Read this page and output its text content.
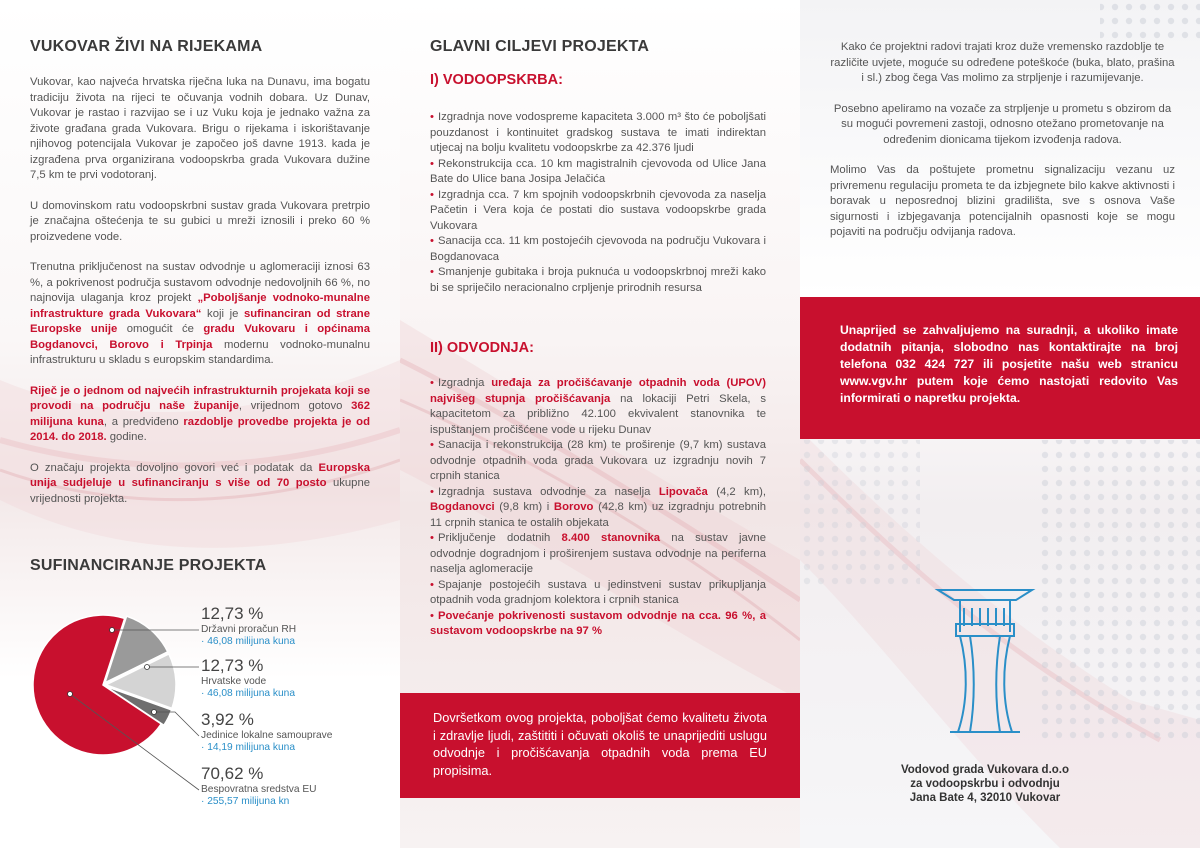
VUKOVAR ŽIVI NA RIJEKAMA

Vukovar, kao najveća hrvatska riječna luka na Dunavu, ima bogatu tradiciju života na rijeci te očuvanja vodnih dobara. Uz Dunav, Vukovar je rastao i razvijao se i uz Vuku koja je jednako važna za živote građana grada Vukovara. Brigu o rijekama i iskorištavanje njihovog potencijala Vukovar je započeo još davne 1913. kada je izgrađena prva organizirana vodoopskrba grada Vukovara dužine 7,5 km te prvi vodotoranj.

U domovinskom ratu vodoopskrbni sustav grada Vukovara pretrpio je značajna oštećenja te su gubici u mreži iznosili i preko 60 % proizvedene vode.

Trenutna priključenost na sustav odvodnje u aglomeraciji iznosi 63 %, a pokrivenost područja sustavom odvodnje nedovoljnih 66 %, no najnovija ulaganja kroz projekt „Poboljšanje vodnoko-munalne infrastrukture grada Vukovara“ koji je sufinanciran od strane Europske unije omogućit će gradu Vukovaru i općinama Bogdanovci, Borovo i Trpinja modernu vodnoko-munalnu infrastrukturu u skladu s europskim standardima.

Riječ je o jednom od najvećih infrastrukturnih projekata koji se provodi na području naše županije, vrijednom gotovo 362 milijuna kuna, a predviđeno razdoblje provedbe projekta je od 2014. do 2018. godine.

O značaju projekta dovoljno govori već i podatak da Europska unija sudjeluje u sufinanciranju s više od 70 posto ukupne vrijednosti projekta.

SUFINANCIRANJE PROJEKTA
12,73 %
Državni proračun RH
· 46,08 milijuna kuna
12,73 %
Hrvatske vode
· 46,08 milijuna kuna
3,92 %
Jedinice lokalne samouprave
· 14,19 milijuna kuna
70,62 %
Bespovratna sredstva EU
· 255,57 milijuna kn
GLAVNI CILJEVI PROJEKTA
I) VODOOPSKRBA:
• Izgradnja nove vodospreme kapaciteta 3.000 m³ što će poboljšati pouzdanost i kontinuitet gradskog sustava te imati indirektan utjecaj na bolju kvalitetu vodoopskrbe za 42.376 ljudi
• Rekonstrukcija cca. 10 km magistralnih cjevovoda od Ulice Jana Bate do Ulice bana Josipa Jelačića
• Izgradnja cca. 7 km spojnih vodoopskrbnih cjevovoda za naselja Pačetin i Vera koja će postati dio sustava vodoopskrbe grada Vukovara
• Sanacija cca. 11 km postojećih cjevovoda na području Vukovara i Bogdanovaca
• Smanjenje gubitaka i broja puknuća u vodoopskrbnoj mreži kako bi se spriječilo neracionalno crpljenje prirodnih resursa
II) ODVODNJA:
• Izgradnja uređaja za pročišćavanje otpadnih voda (UPOV) najvišeg stupnja pročišćavanja na lokaciji Petri Skela, s kapacitetom za približno 42.100 ekvivalent stanovnika te ispuštanjem pročišćene vode u rijeku Dunav
• Sanacija i rekonstrukcija (28 km) te proširenje (9,7 km) sustava odvodnje otpadnih voda grada Vukovara uz izgradnju novih 7 crpnih stanica
• Izgradnja sustava odvodnje za naselja Lipovača (4,2 km), Bogdanovci (9,8 km) i Borovo (42,8 km) uz izgradnju potrebnih 11 crpnih stanica te ostalih objekata
• Priključenje dodatnih 8.400 stanovnika na sustav javne odvodnje dogradnjom i proširenjem sustava odvodnje na periferna naselja aglomeracije
• Spajanje postojećih sustava u jedinstveni sustav prikupljanja otpadnih voda gradnjom kolektora i crpnih stanica
• Povećanje pokrivenosti sustavom odvodnje na cca. 96 %, a sustavom vodoopskrbe na 97 %
Dovršetkom ovog projekta, poboljšat ćemo kvalitetu života i zdravlje ljudi, zaštititi i očuvati okoliš te unaprijediti uslugu odvodnje i pročišćavanja otpadnih voda prema EU propisima.

Kako će projektni radovi trajati kroz duže vremensko razdoblje te različite uvjete, moguće su određene poteškoće (buka, blato, prašina i sl.) zbog čega Vas molimo za strpljenje i razumijevanje.

Posebno apeliramo na vozače za strpljenje u prometu s obzirom da su mogući povremeni zastoji, odnosno otežano prometovanje na određenim dionicama tijekom izvođenja radova.

Molimo Vas da poštujete prometnu signalizaciju vezanu uz privremenu regulaciju prometa te da izbjegnete bilo kakve aktivnosti i boravak u neposrednoj blizini gradilišta, sve s osnova Vaše sigurnosti i izbjegavanja potencijalnih opasnosti koje se mogu pojaviti na području odvijanja radova.

Unaprijed se zahvaljujemo na suradnji, a ukoliko imate dodatnih pitanja, slobodno nas kontaktirajte na broj telefona 032 424 727 ili posjetite našu web stranicu www.vgv.hr putem koje ćemo nastojati redovito Vas informirati o napretku projekta.
Vodovod grada Vukovara d.o.o
za vodoopskrbu i odvodnju
Jana Bate 4, 32010 Vukovar
